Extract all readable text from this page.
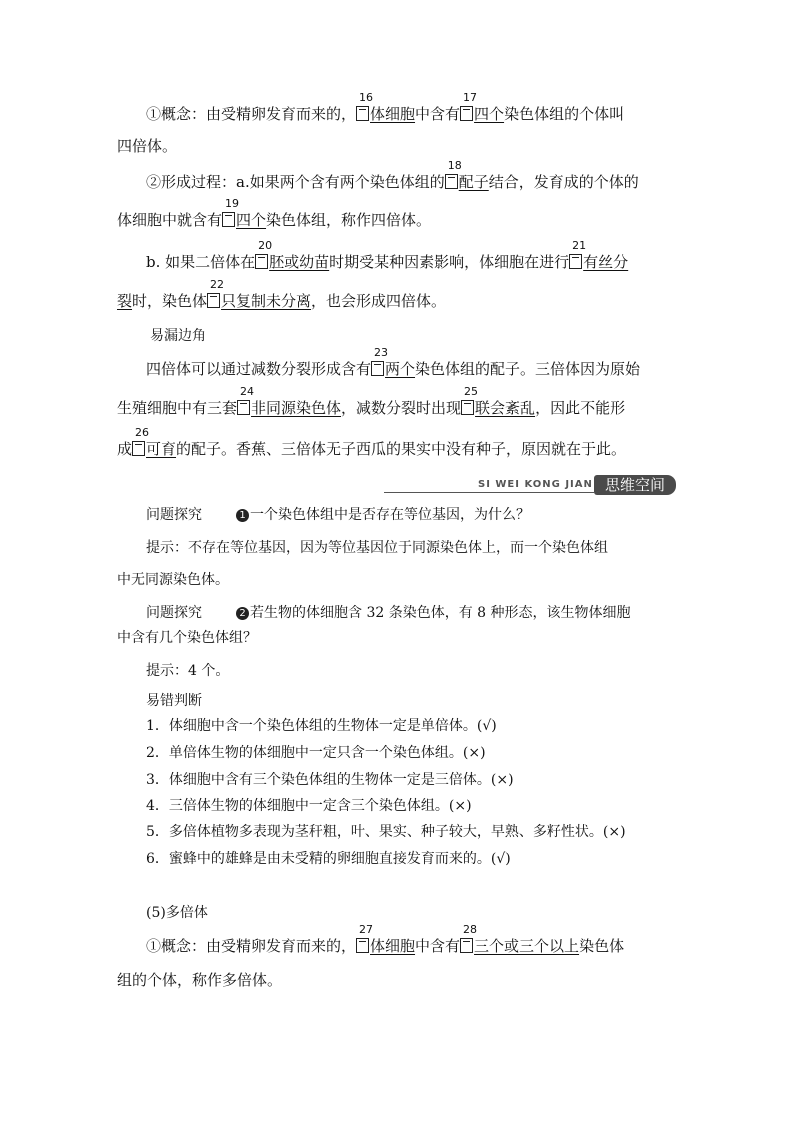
①概念：由受精卵发育而来的，
16
体细胞中含有
17
四个染色体组的个体叫
四倍体。
②形成过程：a.如果两个含有两个染色体组的
18
配子结合，发育成的个体的
体细胞中就含有
19
四个染色体组，称作四倍体。
b. 如果二倍体在
20
胚或幼苗时期受某种因素影响，体细胞在进行
21
有丝分
裂时，染色体
22
只复制未分离，也会形成四倍体。
易漏边角
四倍体可以通过减数分裂形成含有
23
两个染色体组的配子。三倍体因为原始
生殖细胞中有三套
24
非同源染色体，减数分裂时出现
25
联会紊乱，因此不能形
成
26
可育的配子。香蕉、三倍体无子西瓜的果实中没有种子，原因就在于此。
SI WEI KONG JIAN 思维空间
问题探究	1 一个染色体组中是否存在等位基因，为什么？
提示：不存在等位基因，因为等位基因位于同源染色体上，而一个染色体组
中无同源染色体。
问题探究	2 若生物的体细胞含 32 条染色体，有 8 种形态，该生物体细胞
中含有几个染色体组？
提示：4 个。
易错判断
1．体细胞中含一个染色体组的生物体一定是单倍体。(√)
2．单倍体生物的体细胞中一定只含一个染色体组。(×)
3．体细胞中含有三个染色体组的生物体一定是三倍体。(×)
4．三倍体生物的体细胞中一定含三个染色体组。(×)
5．多倍体植物多表现为茎秆粗，叶、果实、种子较大，早熟、多籽性状。(×)
6．蜜蜂中的雄蜂是由未受精的卵细胞直接发育而来的。(√)
(5)多倍体
①概念：由受精卵发育而来的，
27
体细胞中含有
28
三个或三个以上染色体
组的个体，称作多倍体。
